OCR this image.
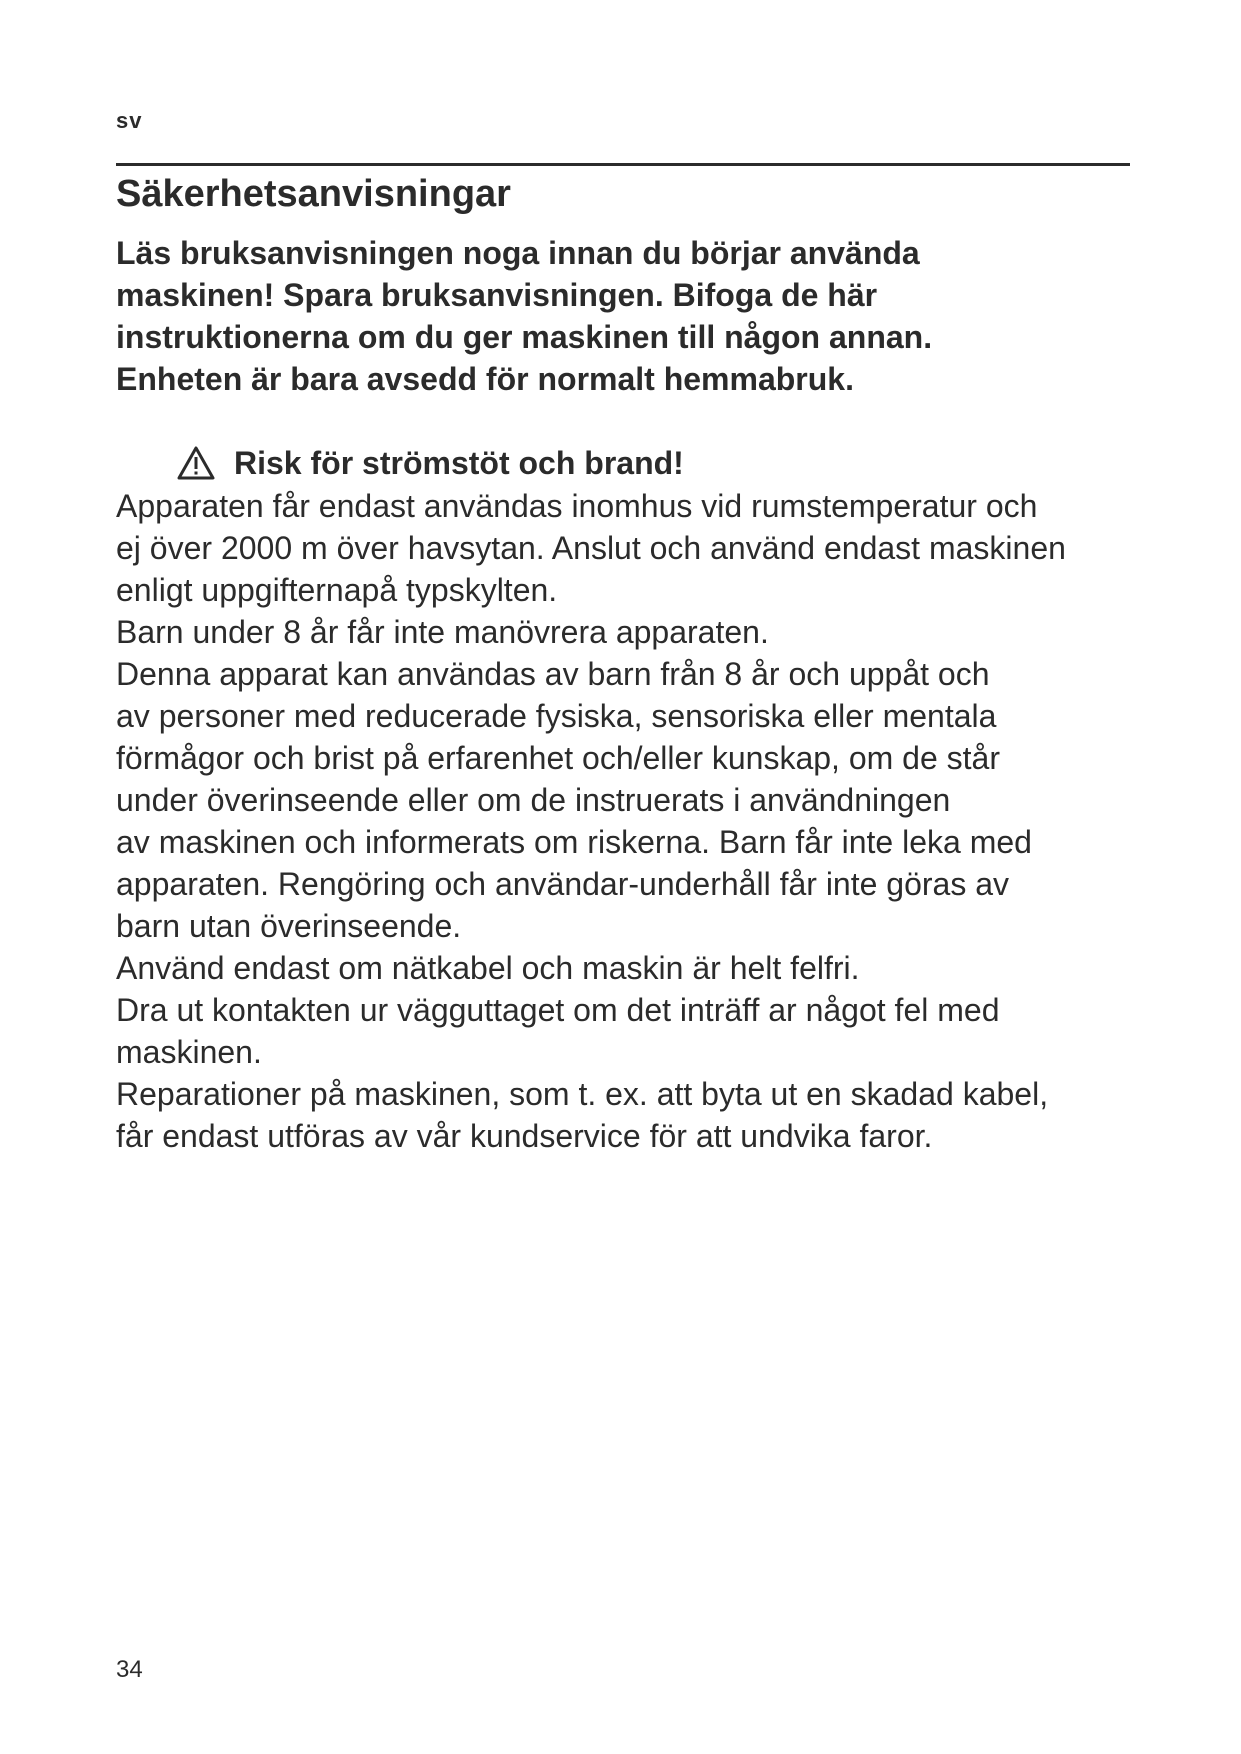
sv
Säkerhetsanvisningar
Läs bruksanvisningen noga innan du börjar använda
maskinen! Spara bruksanvisningen. Bifoga de här
instruktionerna om du ger maskinen till någon annan.
Enheten är bara avsedd för normalt hemmabruk.
Risk för strömstöt och brand!
Apparaten får endast användas inomhus vid rumstemperatur och
ej över 2000 m över havsytan. Anslut och använd endast maskinen
enligt uppgifternapå typskylten.
Barn under 8 år får inte manövrera apparaten.
Denna apparat kan användas av barn från 8 år och uppåt och
av personer med reducerade fysiska, sensoriska eller mentala
förmågor och brist på erfarenhet och/eller kunskap, om de står
under överinseende eller om de instruerats i användningen
av maskinen och informerats om riskerna. Barn får inte leka med
apparaten. Rengöring och användar-underhåll får inte göras av
barn utan överinseende.
Använd endast om nätkabel och maskin är helt felfri.
Dra ut kontakten ur vägguttaget om det inträff ar något fel med
maskinen.
Reparationer på maskinen, som t. ex. att byta ut en skadad kabel,
får endast utföras av vår kundservice för att undvika faror.
34
